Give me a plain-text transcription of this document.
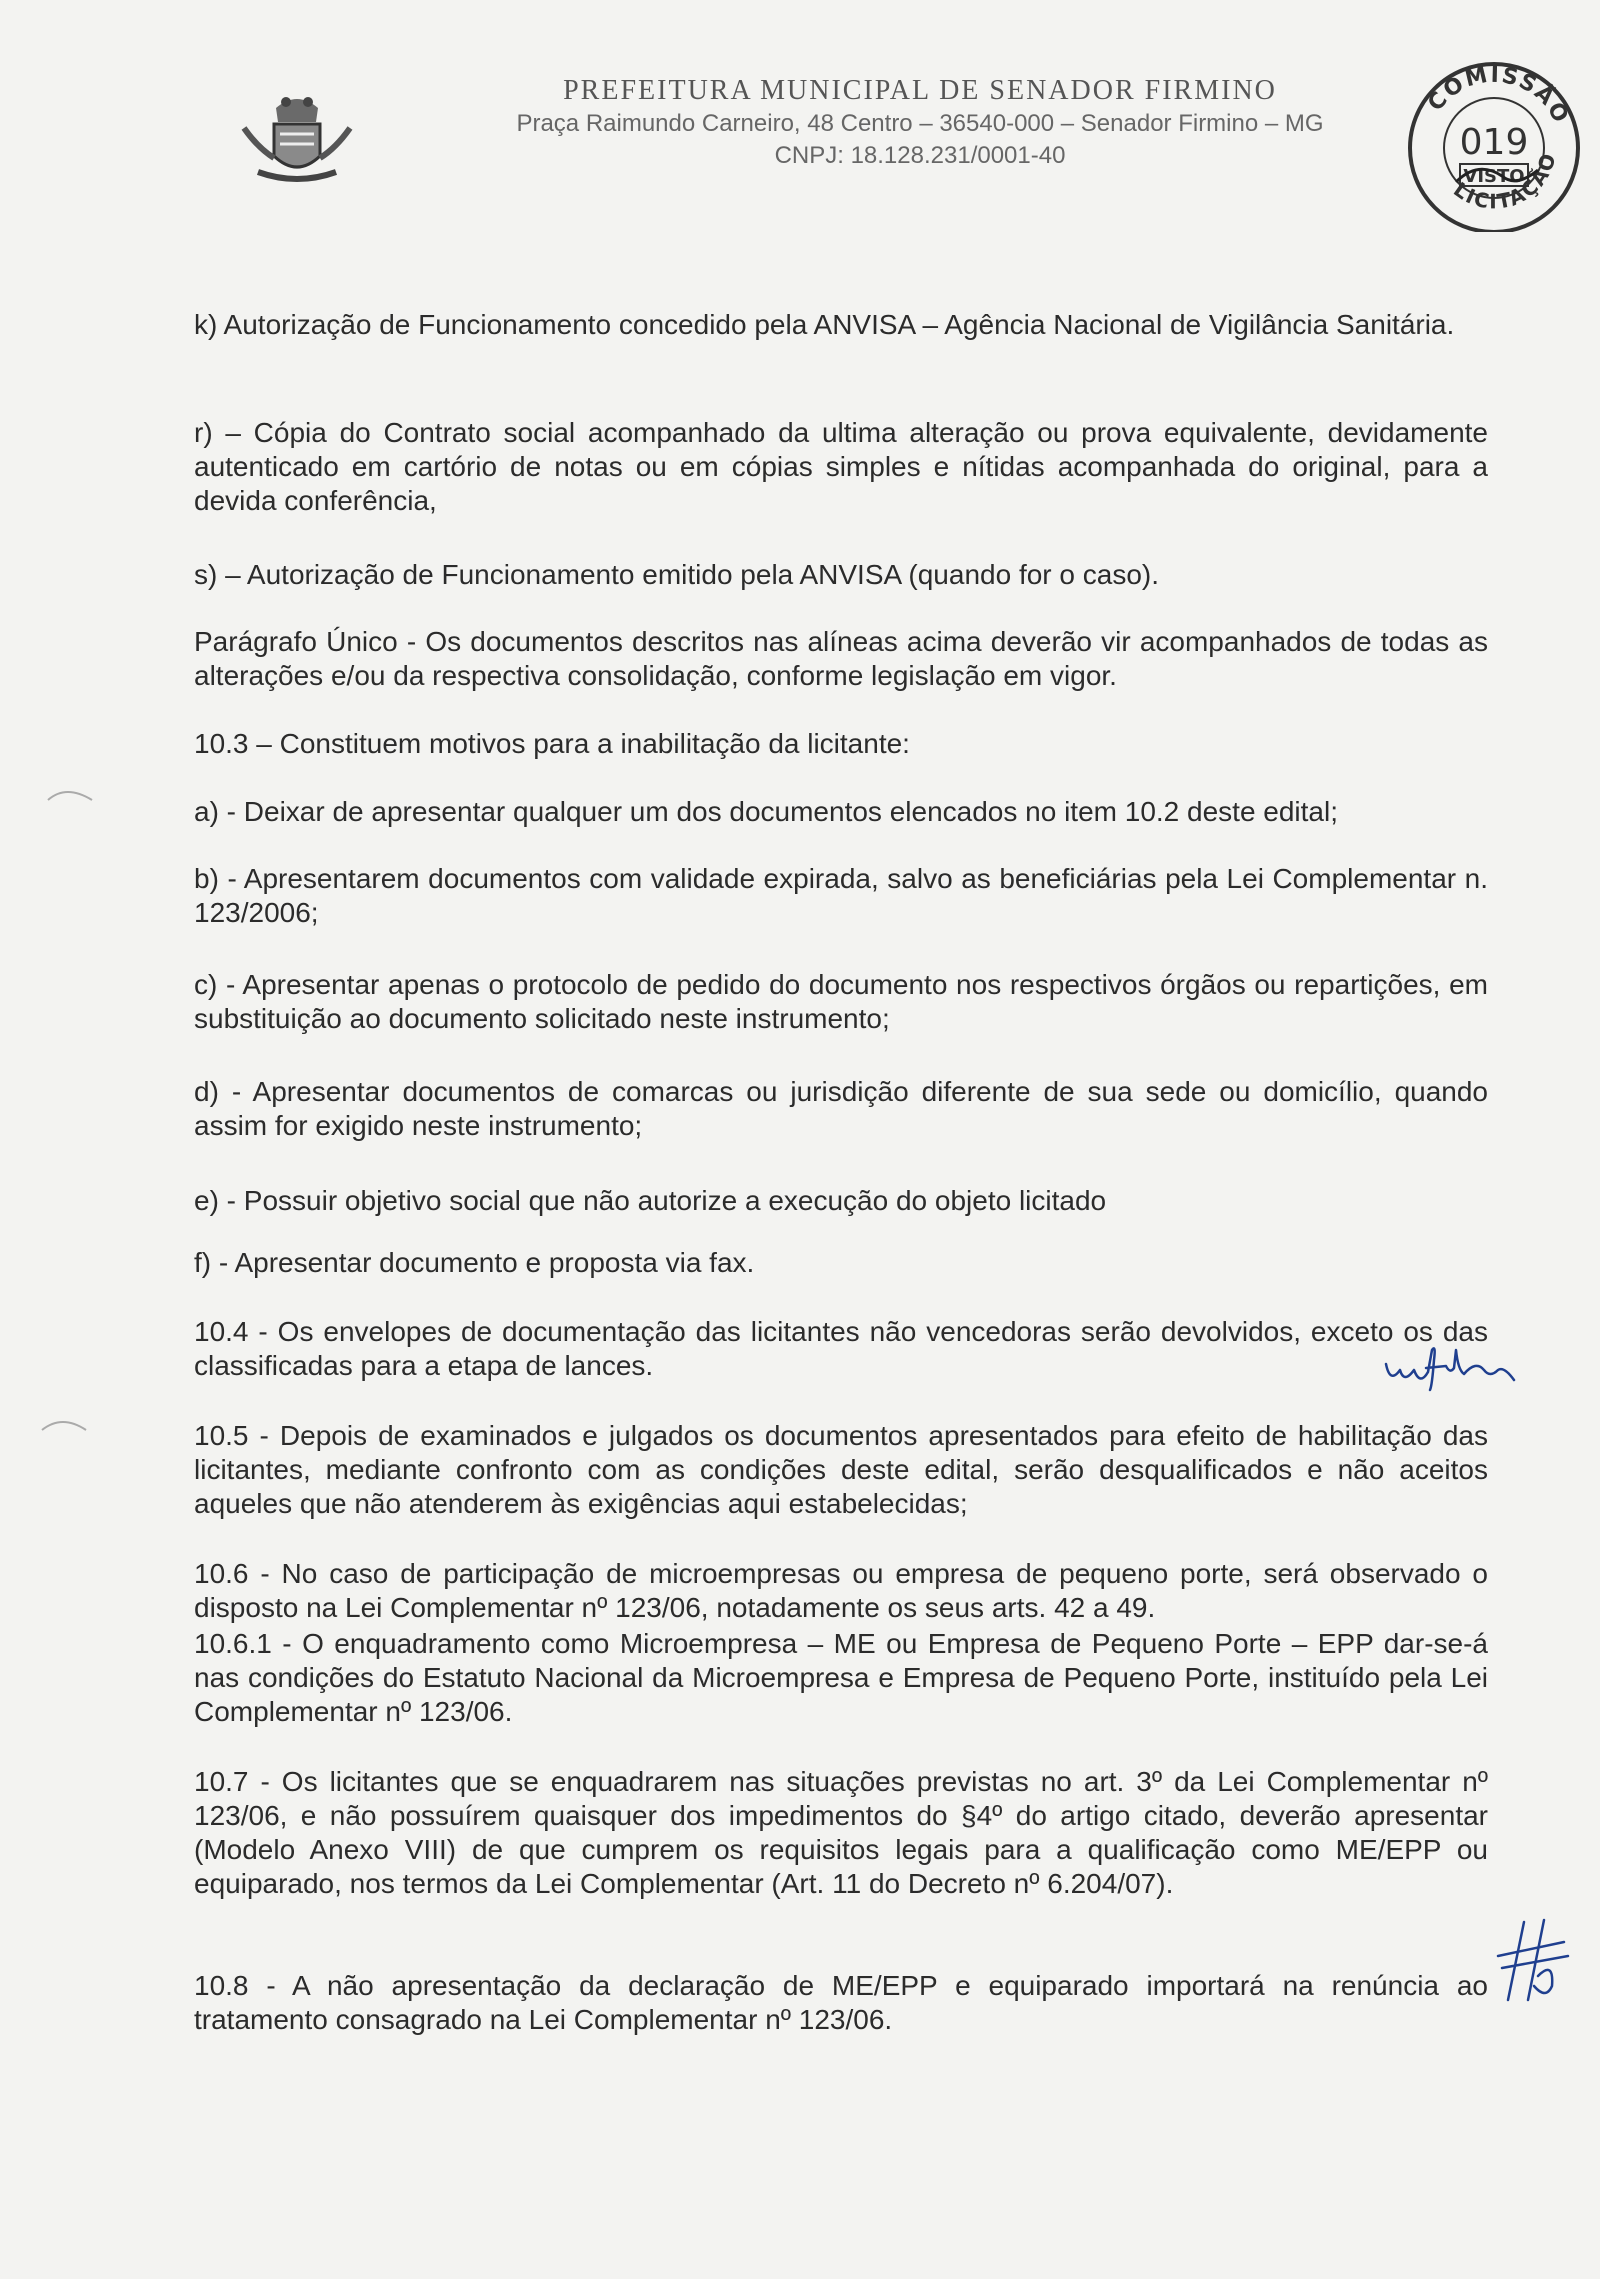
PREFEITURA MUNICIPAL DE SENADOR FIRMINO
Praça Raimundo Carneiro, 48 Centro – 36540-000 – Senador Firmino – MG
CNPJ: 18.128.231/0001-40
COMISSÃO
LICITAÇÃO
019
VISTO

k) Autorização de Funcionamento concedido pela ANVISA – Agência Nacional de Vigilância Sanitária.

r) – Cópia do Contrato social acompanhado da ultima alteração ou prova equivalente, devidamente autenticado em cartório de notas ou em cópias simples e nítidas acompanhada do original, para a devida conferência,

s) – Autorização de Funcionamento emitido pela ANVISA (quando for o caso).

Parágrafo Único - Os documentos descritos nas alíneas acima deverão vir acompanhados de todas as alterações e/ou da respectiva consolidação, conforme legislação em vigor.

10.3 – Constituem motivos para a inabilitação da licitante:

a) - Deixar de apresentar qualquer um dos documentos elencados no item 10.2 deste edital;

b) - Apresentarem documentos com validade expirada, salvo as beneficiárias pela Lei Complementar n. 123/2006;

c) - Apresentar apenas o protocolo de pedido do documento nos respectivos órgãos ou repartições, em substituição ao documento solicitado neste instrumento;

d) - Apresentar documentos de comarcas ou jurisdição diferente de sua sede ou domicílio, quando assim for exigido neste instrumento;

e) - Possuir objetivo social que não autorize a execução do objeto licitado

f) - Apresentar documento e proposta via fax.

10.4 - Os envelopes de documentação das licitantes não vencedoras serão devolvidos, exceto os das classificadas para a etapa de lances.

10.5 - Depois de examinados e julgados os documentos apresentados para efeito de habilitação das licitantes, mediante confronto com as condições deste edital, serão desqualificados e não aceitos aqueles que não atenderem às exigências aqui estabelecidas;

10.6 - No caso de participação de microempresas ou empresa de pequeno porte, será observado o disposto na Lei Complementar nº 123/06, notadamente os seus arts. 42 a 49.

10.6.1 - O enquadramento como Microempresa – ME ou Empresa de Pequeno Porte – EPP dar-se-á nas condições do Estatuto Nacional da Microempresa e Empresa de Pequeno Porte, instituído pela Lei Complementar nº 123/06.

10.7 - Os licitantes que se enquadrarem nas situações previstas no art. 3º da Lei Complementar nº 123/06, e não possuírem quaisquer dos impedimentos do §4º do artigo citado, deverão apresentar (Modelo Anexo VIII) de que cumprem os requisitos legais para a qualificação como ME/EPP ou equiparado, nos termos da Lei Complementar (Art. 11 do Decreto nº 6.204/07).

10.8 - A não apresentação da declaração de ME/EPP e equiparado importará na renúncia ao tratamento consagrado na Lei Complementar nº 123/06.
